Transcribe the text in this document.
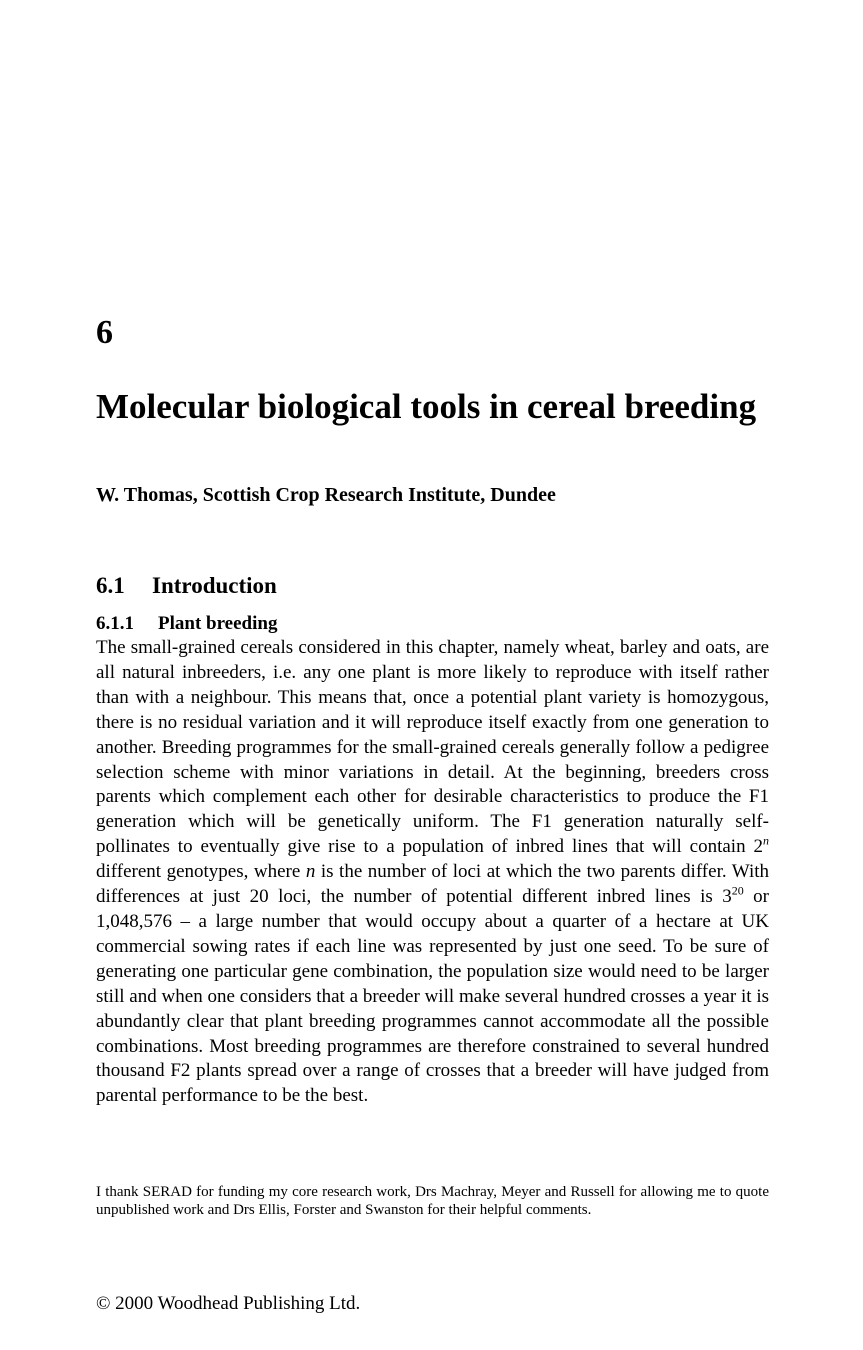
6
Molecular biological tools in cereal breeding
W. Thomas, Scottish Crop Research Institute, Dundee
6.1 Introduction
6.1.1 Plant breeding

The small-grained cereals considered in this chapter, namely wheat, barley and oats, are all natural inbreeders, i.e. any one plant is more likely to reproduce with itself rather than with a neighbour. This means that, once a potential plant variety is homozygous, there is no residual variation and it will reproduce itself exactly from one generation to another. Breeding programmes for the small-grained cereals generally follow a pedigree selection scheme with minor variations in detail. At the beginning, breeders cross parents which complement each other for desirable characteristics to produce the F1 generation which will be genetically uniform. The F1 generation naturally self-pollinates to eventually give rise to a population of inbred lines that will contain 2$^n$ different genotypes, where n is the number of loci at which the two parents differ. With differences at just 20 loci, the number of potential different inbred lines is $3^{20}$ or 1,048,576 – a large number that would occupy about a quarter of a hectare at UK commercial sowing rates if each line was represented by just one seed. To be sure of generating one particular gene combination, the population size would need to be larger still and when one considers that a breeder will make several hundred crosses a year it is abundantly clear that plant breeding programmes cannot accommodate all the possible combinations. Most breeding programmes are therefore constrained to several hundred thousand F2 plants spread over a range of crosses that a breeder will have judged from parental performance to be the best.

I thank SERAD for funding my core research work, Drs Machray, Meyer and Russell for allowing me to quote unpublished work and Drs Ellis, Forster and Swanston for their helpful comments.

© 2000 Woodhead Publishing Ltd.
